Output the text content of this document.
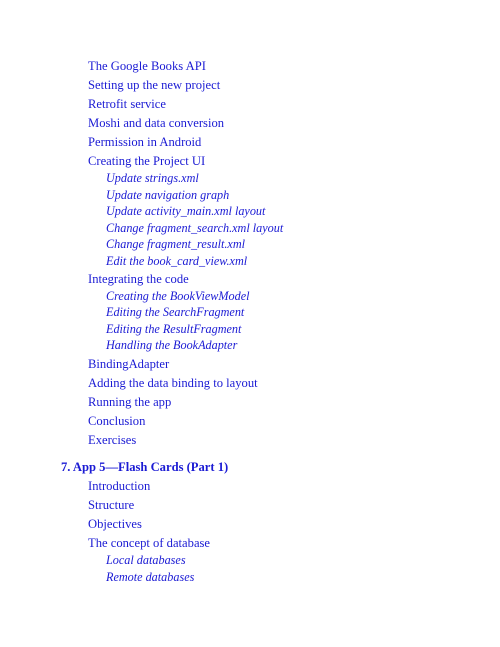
The Google Books API
Setting up the new project
Retrofit service
Moshi and data conversion
Permission in Android
Creating the Project UI
Update strings.xml
Update navigation graph
Update activity_main.xml layout
Change fragment_search.xml layout
Change fragment_result.xml
Edit the book_card_view.xml
Integrating the code
Creating the BookViewModel
Editing the SearchFragment
Editing the ResultFragment
Handling the BookAdapter
BindingAdapter
Adding the data binding to layout
Running the app
Conclusion
Exercises
7. App 5—Flash Cards (Part 1)
Introduction
Structure
Objectives
The concept of database
Local databases
Remote databases
